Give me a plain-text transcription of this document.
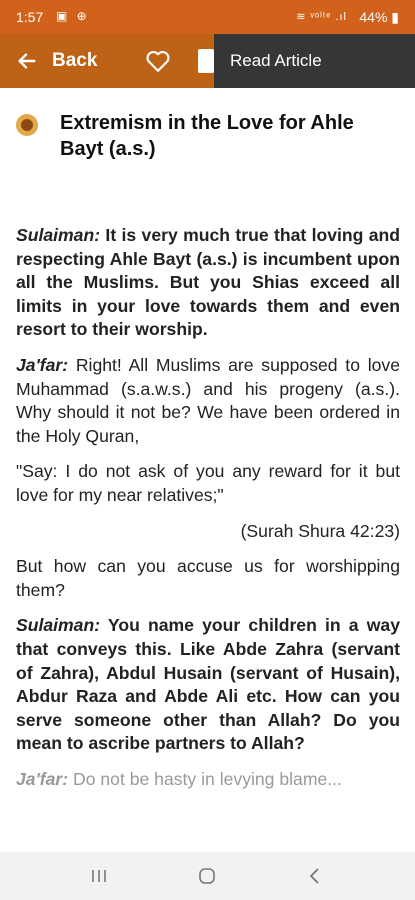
1:57 ▣ ⊕	≋ ᵛᵒˡᵗᵉ .ıl 44% ▮
Back	Read Article
Extremism in the Love for Ahle Bayt (a.s.)

Sulaiman: It is very much true that loving and respecting Ahle Bayt (a.s.) is incumbent upon all the Muslims. But you Shias exceed all limits in your love towards them and even resort to their worship.

Ja'far: Right! All Muslims are supposed to love Muhammad (s.a.w.s.) and his progeny (a.s.). Why should it not be? We have been ordered in the Holy Quran,

"Say: I do not ask of you any reward for it but love for my near relatives;"

(Surah Shura 42:23)

But how can you accuse us for worshipping them?

Sulaiman: You name your children in a way that conveys this. Like Abde Zahra (servant of Zahra), Abdul Husain (servant of Husain), Abdur Raza and Abde Ali etc. How can you serve someone other than Allah? Do you mean to ascribe partners to Allah?

Ja'far: Do not be hasty in levying blame...
